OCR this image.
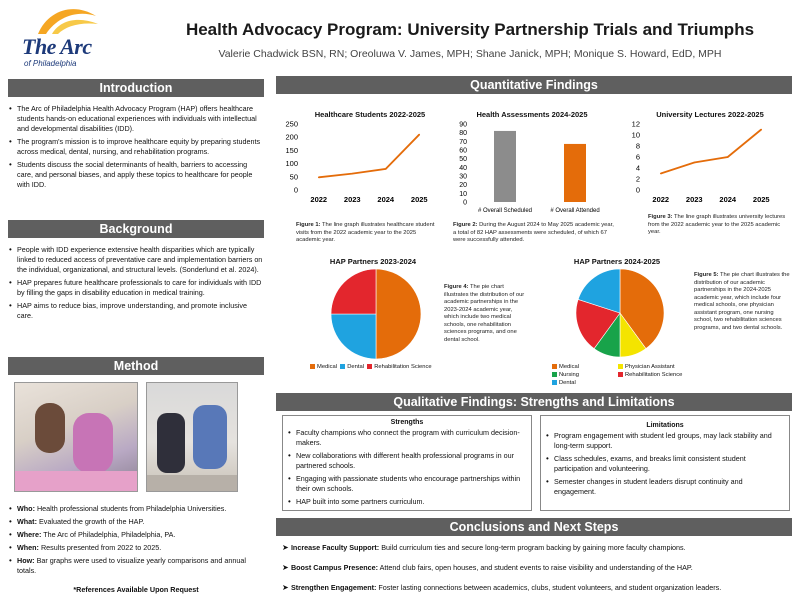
The Arc
of Philadelphia
Health Advocacy Program: University Partnership Trials and Triumphs
Valerie Chadwick BSN, RN; Oreoluwa V. James, MPH; Shane Janick, MPH; Monique S. Howard, EdD, MPH
Introduction
• The Arc of Philadelphia Health Advocacy Program (HAP) offers healthcare students hands-on educational experiences with individuals with intellectual and developmental disabilities (IDD).
• The program's mission is to improve healthcare equity by preparing students across medical, dental, nursing, and rehabilitation programs.
• Students discuss the social determinants of health, barriers to accessing care, and personal biases, and apply these topics to healthcare for people with IDD.
Background
• People with IDD experience extensive health disparities which are typically linked to reduced access of preventative care and implementation barriers on the individual, organizational, and structural levels. (Sonderlund et al. 2024).
• HAP prepares future healthcare professionals to care for individuals with IDD by filling the gaps in disability education in medical training.
• HAP aims to reduce bias, improve understanding, and promote inclusive care.
Method
• Who: Health professional students from Philadelphia Universities.
• What: Evaluated the growth of the HAP.
• Where: The Arc of Philadelphia, Philadelphia, PA.
• When: Results presented from 2022 to 2025.
• How: Bar graphs were used to visualize yearly comparisons and annual totals.
*References Available Upon Request
Quantitative Findings
Healthcare Students 2022-2025
0
50
100
150
200
250
2022 2023 2024 2025
Figure 1: The line graph illustrates healthcare student visits from the 2022 academic year to the 2025 academic year.
Health Assessments 2024-2025
0
10
20
30
40
50
60
70
80
90
# Overall Scheduled	# Overall Attended
Figure 2: During the August 2024 to May 2025 academic year, a total of 82 HAP assessments were scheduled, of which 67 were successfully attended.
University Lectures 2022-2025
0
2
4
6
8
10
12
2022 2023 2024 2025
Figure 3: The line graph illustrates university lectures from the 2022 academic year to the 2025 academic year.
HAP Partners 2023-2024
Medical Dental Rehabilitation Science
Figure 4: The pie chart illustrates the distribution of our academic partnerships in the 2023-2024 academic year, which include two medical schools, one rehabilitation sciences programs, and one dental school.
HAP Partners 2024-2025
Medical	Physician Assistant
Nursing	Rehabilitation Science
Dental
Figure 5: The pie chart illustrates the distribution of our academic partnerships in the 2024-2025 academic year, which include four medical schools, one physician assistant program, one nursing school, two rehabilitation sciences programs, and two dental schools.
Qualitative Findings: Strengths and Limitations
Strengths
• Faculty champions who connect the program with curriculum decision-makers.
• New collaborations with different health professional programs in our partnered schools.
• Engaging with passionate students who encourage partnerships within their own schools.
• HAP built into some partners curriculum.
Limitations
• Program engagement with student led groups, may lack stability and long-term support.
• Class schedules, exams, and breaks limit consistent student participation and volunteering.
• Semester changes in student leaders disrupt continuity and engagement.
Conclusions and Next Steps
➤ Increase Faculty Support: Build curriculum ties and secure long-term program backing by gaining more faculty champions.
➤ Boost Campus Presence: Attend club fairs, open houses, and student events to raise visibility and understanding of the HAP.
➤ Strengthen Engagement: Foster lasting connections between academics, clubs, student volunteers, and student organization leaders.
